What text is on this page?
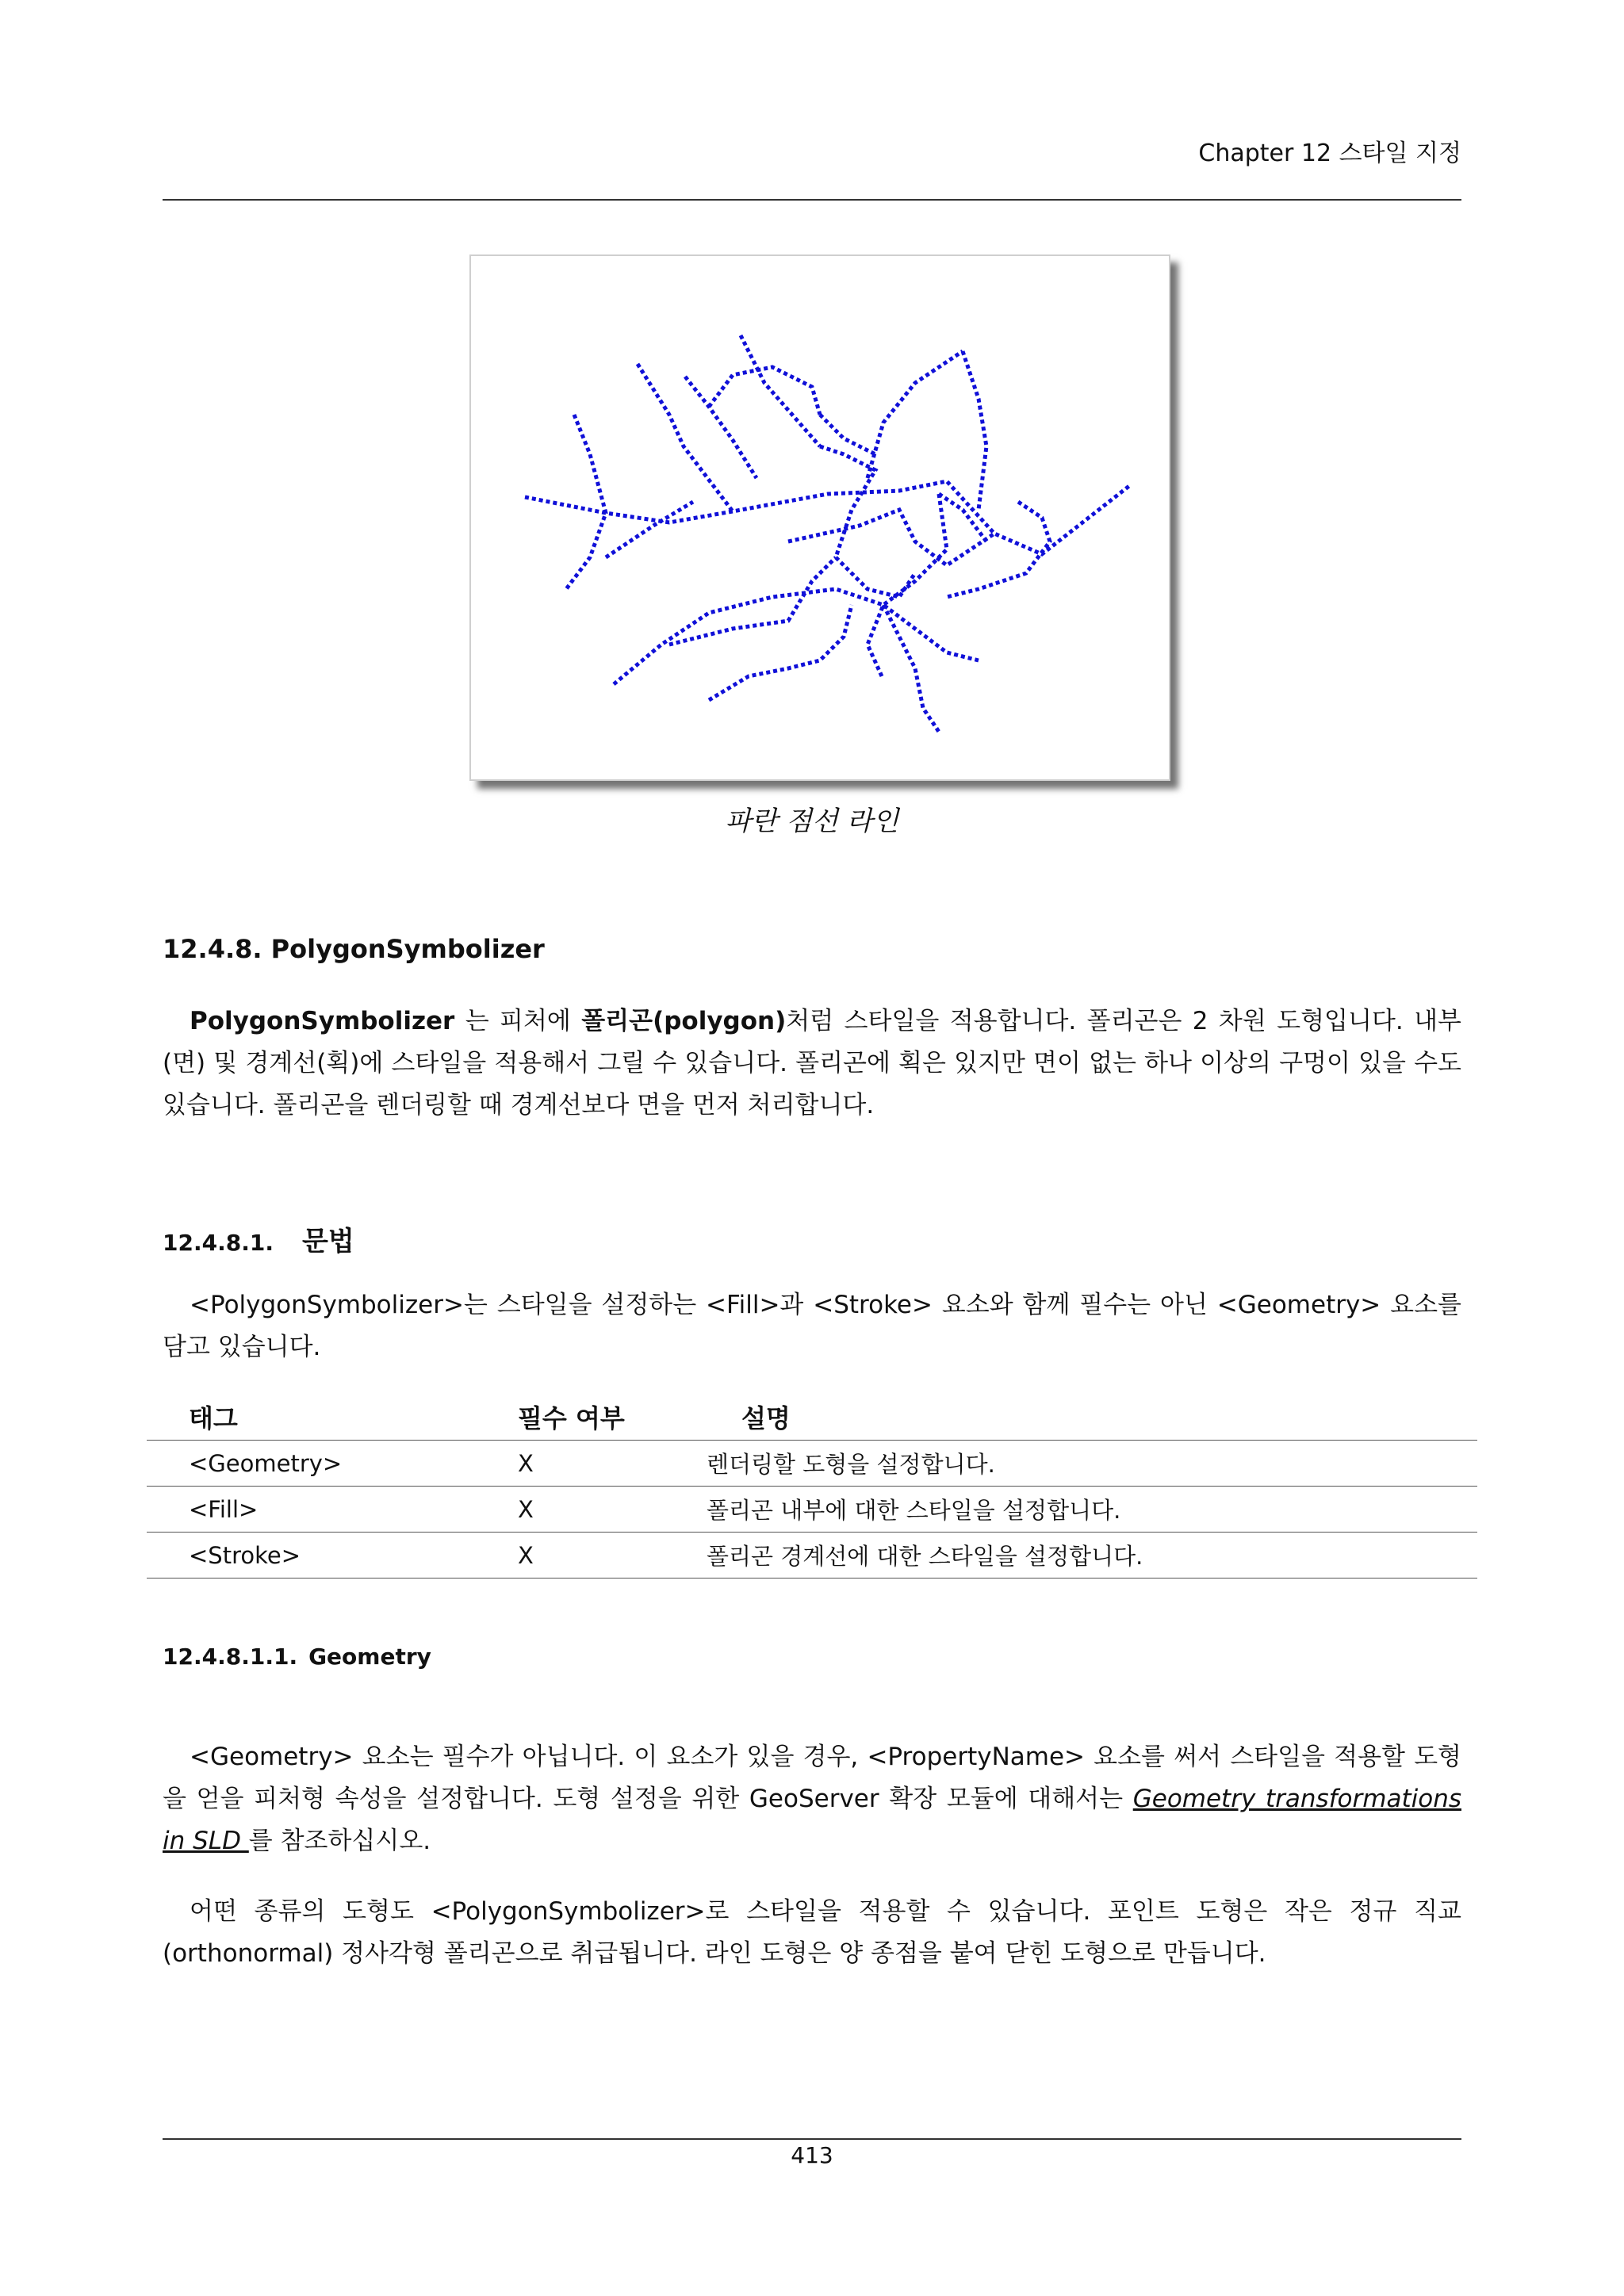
Chapter 12 스타일 지정
파란 점선 라인
12.4.8. PolygonSymbolizer
PolygonSymbolizer 는 피처에 폴리곤(polygon)처럼 스타일을 적용합니다. 폴리곤은 2 차원 도형입니다. 내부(면) 및 경계선(획)에 스타일을 적용해서 그릴 수 있습니다. 폴리곤에 획은 있지만 면이 없는 하나 이상의 구멍이 있을 수도 있습니다. 폴리곤을 렌더링할 때 경계선보다 면을 먼저 처리합니다.
12.4.8.1. 문법
<PolygonSymbolizer>는 스타일을 설정하는 <Fill>과 <Stroke> 요소와 함께 필수는 아닌 <Geometry> 요소를 담고 있습니다.
태그	필수 여부	설명
<Geometry>	X	렌더링할 도형을 설정합니다.
<Fill>	X	폴리곤 내부에 대한 스타일을 설정합니다.
<Stroke>	X	폴리곤 경계선에 대한 스타일을 설정합니다.
12.4.8.1.1. Geometry
<Geometry> 요소는 필수가 아닙니다. 이 요소가 있을 경우, <PropertyName> 요소를 써서 스타일을 적용할 도형을 얻을 피처형 속성을 설정합니다. 도형 설정을 위한 GeoServer 확장 모듈에 대해서는 Geometry transformations in SLD 를 참조하십시오.
어떤 종류의 도형도 <PolygonSymbolizer>로 스타일을 적용할 수 있습니다. 포인트 도형은 작은 정규 직교(orthonormal) 정사각형 폴리곤으로 취급됩니다. 라인 도형은 양 종점을 붙여 닫힌 도형으로 만듭니다.
413
